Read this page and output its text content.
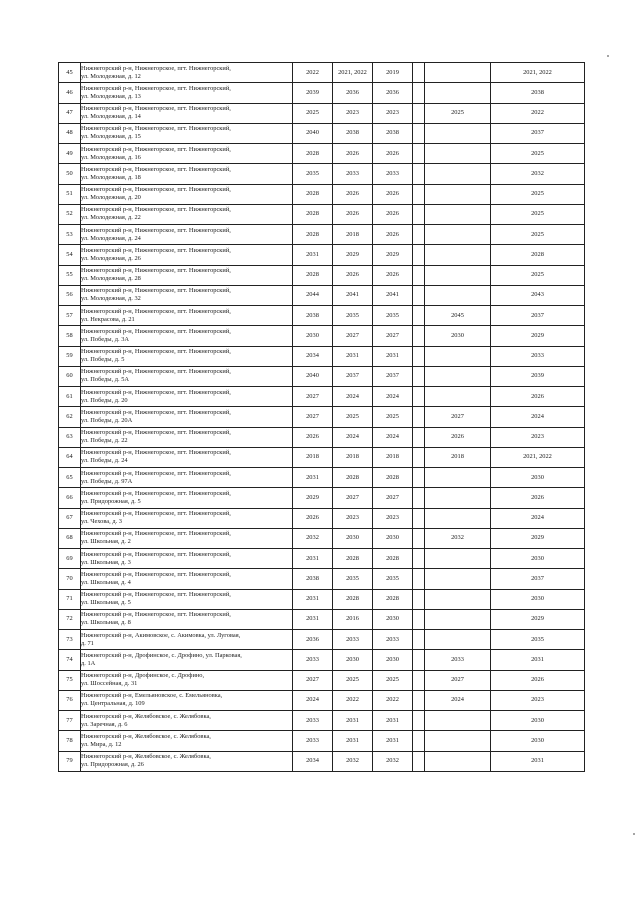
45	Нижнегорский р-н, Нижнегорское, пгт. Нижнегорский,
ул. Молодежная, д. 12	2022	2021, 2022	2019			2021, 2022
46	Нижнегорский р-н, Нижнегорское, пгт. Нижнегорский,
ул. Молодежная, д. 13	2039	2036	2036			2038
47	Нижнегорский р-н, Нижнегорское, пгт. Нижнегорский,
ул. Молодежная, д. 14	2025	2023	2023		2025	2022
48	Нижнегорский р-н, Нижнегорское, пгт. Нижнегорский,
ул. Молодежная, д. 15	2040	2038	2038			2037
49	Нижнегорский р-н, Нижнегорское, пгт. Нижнегорский,
ул. Молодежная, д. 16	2028	2026	2026			2025
50	Нижнегорский р-н, Нижнегорское, пгт. Нижнегорский,
ул. Молодежная, д. 18	2035	2033	2033			2032
51	Нижнегорский р-н, Нижнегорское, пгт. Нижнегорский,
ул. Молодежная, д. 20	2028	2026	2026			2025
52	Нижнегорский р-н, Нижнегорское, пгт. Нижнегорский,
ул. Молодежная, д. 22	2028	2026	2026			2025
53	Нижнегорский р-н, Нижнегорское, пгт. Нижнегорский,
ул. Молодежная, д. 24	2028	2018	2026			2025
54	Нижнегорский р-н, Нижнегорское, пгт. Нижнегорский,
ул. Молодежная, д. 26	2031	2029	2029			2028
55	Нижнегорский р-н, Нижнегорское, пгт. Нижнегорский,
ул. Молодежная, д. 28	2028	2026	2026			2025
56	Нижнегорский р-н, Нижнегорское, пгт. Нижнегорский,
ул. Молодежная, д. 32	2044	2041	2041			2043
57	Нижнегорский р-н, Нижнегорское, пгт. Нижнегорский,
ул. Некрасова, д. 21	2038	2035	2035		2045	2037
58	Нижнегорский р-н, Нижнегорское, пгт. Нижнегорский,
ул. Победы, д. 3А	2030	2027	2027		2030	2029
59	Нижнегорский р-н, Нижнегорское, пгт. Нижнегорский,
ул. Победы, д. 5	2034	2031	2031			2033
60	Нижнегорский р-н, Нижнегорское, пгт. Нижнегорский,
ул. Победы, д. 5А	2040	2037	2037			2039
61	Нижнегорский р-н, Нижнегорское, пгт. Нижнегорский,
ул. Победы, д. 20	2027	2024	2024			2026
62	Нижнегорский р-н, Нижнегорское, пгт. Нижнегорский,
ул. Победы, д. 20А	2027	2025	2025		2027	2024
63	Нижнегорский р-н, Нижнегорское, пгт. Нижнегорский,
ул. Победы, д. 22	2026	2024	2024		2026	2023
64	Нижнегорский р-н, Нижнегорское, пгт. Нижнегорский,
ул. Победы, д. 24	2018	2018	2018		2018	2021, 2022
65	Нижнегорский р-н, Нижнегорское, пгт. Нижнегорский,
ул. Победы, д. 97А	2031	2028	2028			2030
66	Нижнегорский р-н, Нижнегорское, пгт. Нижнегорский,
ул. Придорожная, д. 5	2029	2027	2027			2026
67	Нижнегорский р-н, Нижнегорское, пгт. Нижнегорский,
ул. Чехова, д. 3	2026	2023	2023			2024
68	Нижнегорский р-н, Нижнегорское, пгт. Нижнегорский,
ул. Школьная, д. 2	2032	2030	2030		2032	2029
69	Нижнегорский р-н, Нижнегорское, пгт. Нижнегорский,
ул. Школьная, д. 3	2031	2028	2028			2030
70	Нижнегорский р-н, Нижнегорское, пгт. Нижнегорский,
ул. Школьная, д. 4	2038	2035	2035			2037
71	Нижнегорский р-н, Нижнегорское, пгт. Нижнегорский,
ул. Школьная, д. 5	2031	2028	2028			2030
72	Нижнегорский р-н, Нижнегорское, пгт. Нижнегорский,
ул. Школьная, д. 8	2031	2016	2030			2029
73	Нижнегорский р-н, Акимовское, с. Акимовка, ул. Луговая,
д. 71	2036	2033	2033			2035
74	Нижнегорский р-н, Дрофинское, с. Дрофино, ул. Парковая,
д. 1А	2033	2030	2030		2033	2031
75	Нижнегорский р-н, Дрофинское, с. Дрофино,
ул. Шоссейная, д. 31	2027	2025	2025		2027	2026
76	Нижнегорский р-н, Емельяновское, с. Емельяновка,
ул. Центральная, д. 109	2024	2022	2022		2024	2023
77	Нижнегорский р-н, Желябовское, с. Желябовка,
ул. Заречная, д. 6	2033	2031	2031			2030
78	Нижнегорский р-н, Желябовское, с. Желябовка,
ул. Мира, д. 12	2033	2031	2031			2030
79	Нижнегорский р-н, Желябовское, с. Желябовка,
ул. Придорожная, д. 26	2034	2032	2032			2031
